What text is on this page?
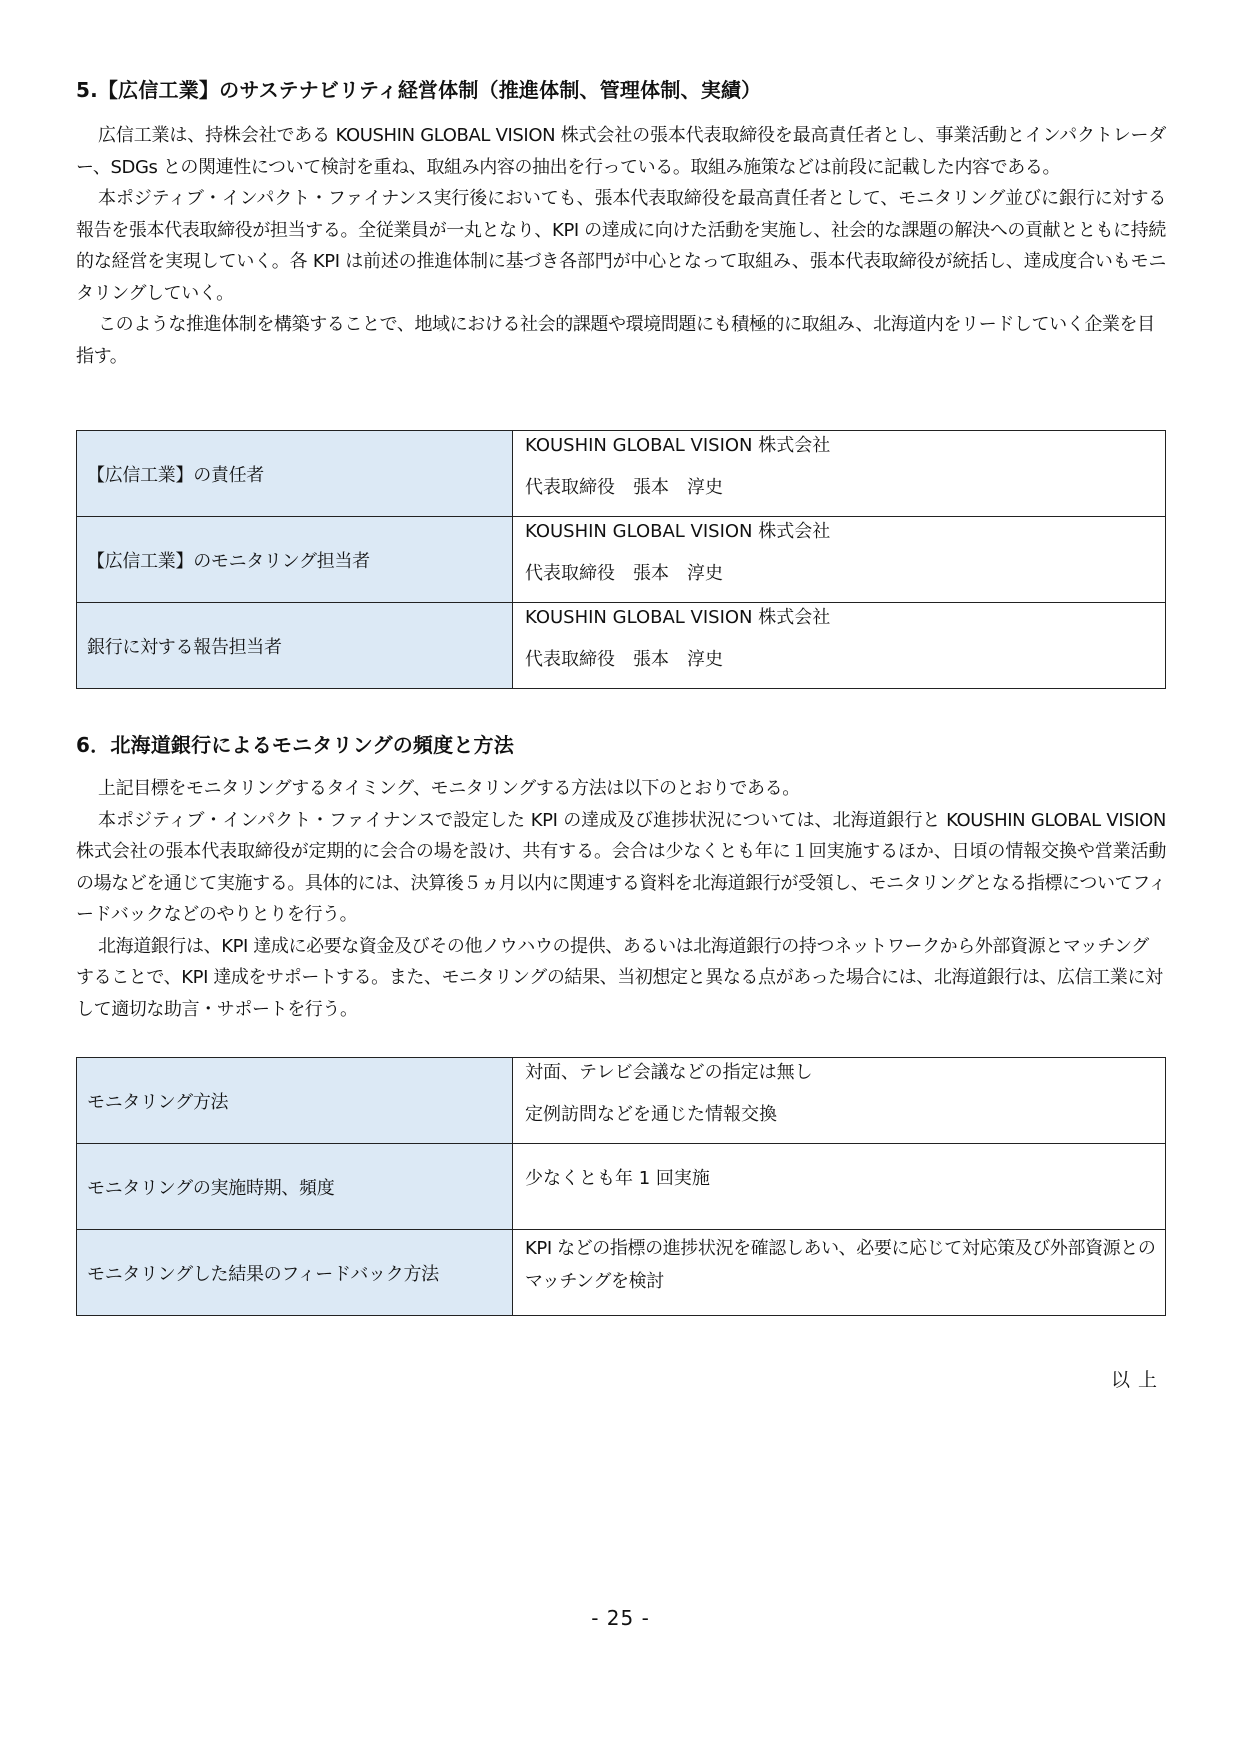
5.【広信工業】のサステナビリティ経営体制（推進体制、管理体制、実績）

広信工業は、持株会社である KOUSHIN GLOBAL VISION 株式会社の張本代表取締役を最高責任者とし、事業活動とインパクトレーダー、SDGs との関連性について検討を重ね、取組み内容の抽出を行っている。取組み施策などは前段に記載した内容である。

本ポジティブ・インパクト・ファイナンス実行後においても、張本代表取締役を最高責任者として、モニタリング並びに銀行に対する報告を張本代表取締役が担当する。全従業員が一丸となり、KPI の達成に向けた活動を実施し、社会的な課題の解決への貢献とともに持続的な経営を実現していく。各 KPI は前述の推進体制に基づき各部門が中心となって取組み、張本代表取締役が統括し、達成度合いもモニタリングしていく。

このような推進体制を構築することで、地域における社会的課題や環境問題にも積極的に取組み、北海道内をリードしていく企業を目指す。

【広信工業】の責任者	KOUSHIN GLOBAL VISION 株式会社
代表取締役　張本　淳史

【広信工業】のモニタリング担当者	KOUSHIN GLOBAL VISION 株式会社
代表取締役　張本　淳史

銀行に対する報告担当者	KOUSHIN GLOBAL VISION 株式会社
代表取締役　張本　淳史
6．北海道銀行によるモニタリングの頻度と方法

上記目標をモニタリングするタイミング、モニタリングする方法は以下のとおりである。

本ポジティブ・インパクト・ファイナンスで設定した KPI の達成及び進捗状況については、北海道銀行と KOUSHIN GLOBAL VISION 株式会社の張本代表取締役が定期的に会合の場を設け、共有する。会合は少なくとも年に１回実施するほか、日頃の情報交換や営業活動の場などを通じて実施する。具体的には、決算後５ヵ月以内に関連する資料を北海道銀行が受領し、モニタリングとなる指標についてフィードバックなどのやりとりを行う。

北海道銀行は、KPI 達成に必要な資金及びその他ノウハウの提供、あるいは北海道銀行の持つネットワークから外部資源とマッチングすることで、KPI 達成をサポートする。また、モニタリングの結果、当初想定と異なる点があった場合には、北海道銀行は、広信工業に対して適切な助言・サポートを行う。

モニタリング方法	対面、テレビ会議などの指定は無し
定例訪問などを通じた情報交換

モニタリングの実施時期、頻度	少なくとも年 1 回実施

モニタリングした結果のフィードバック方法	KPI などの指標の進捗状況を確認しあい、必要に応じて対応策及び外部資源とのマッチングを検討
以上
- 25 -
